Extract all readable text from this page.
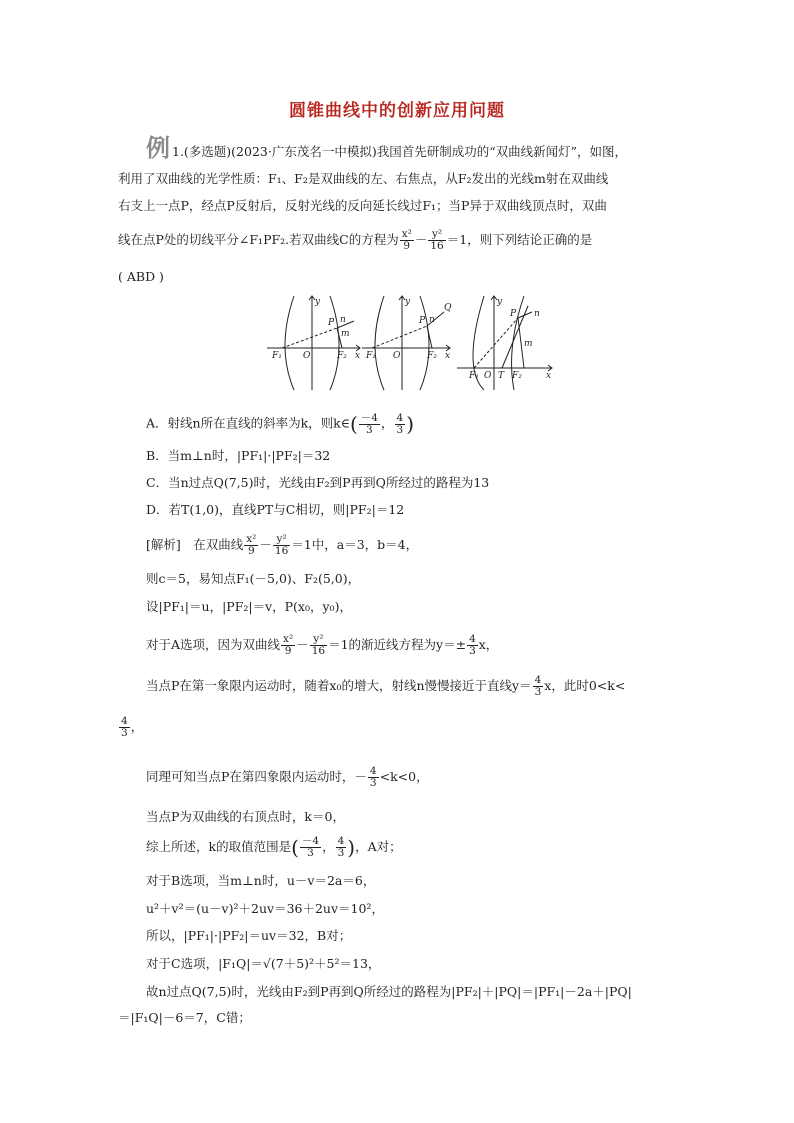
圆锥曲线中的创新应用问题
例 1.(多选题)(2023·广东茂名一中模拟)我国首先研制成功的“双曲线新闻灯”，如图，
利用了双曲线的光学性质：F₁、F₂是双曲线的左、右焦点，从F₂发出的光线m射在双曲线
右支上一点P，经点P反射后，反射光线的反向延长线过F₁；当P异于双曲线顶点时，双曲
线在点P处的切线平分∠F₁PF₂.若双曲线C的方程为 $\frac{\text{x²}}{9} - \frac{\text{y²}}{16} =1$，则下列结论正确的是
( ABD )
F₁ O	F₂ x
y
P n
m
F₁ O	F₂ x
y
P n
Q
F₁ O T F₂	x
y
P n
m
A．射线n所在直线的斜率为k，则k∈( $\frac{-4}{3}$ ， $\frac{4}{3}$ )
B．当m⊥n时，|PF₁|·|PF₂|＝32
C．当n过点Q(7,5)时，光线由F₂到P再到Q所经过的路程为13
D．若T(1,0)，直线PT与C相切，则|PF₂|＝12
[解析]　在双曲线 $\frac{\text{x²}}{9} - \frac{\text{y²}}{16} =1$中，a＝3，b＝4，
则c＝5，易知点F₁(－5,0)、F₂(5,0)，
设|PF₁|＝u，|PF₂|＝v，P(x₀，y₀)，
对于A选项，因为双曲线 $\frac{\text{x²}}{9} - \frac{\text{y²}}{16} =1$的渐近线方程为$y=\pm \frac{4}{3}$ x，
当点P在第一象限内运动时，随着x₀的增大，射线n慢慢接近于直线$y= \frac{4}{3}$ x，此时0<k<
$\frac{4}{3}$ ，
同理可知当点P在第四象限内运动时，－ $\frac{4}{3} <k<0$，
当点P为双曲线的右顶点时，k＝0，
综上所述，k的取值范围是( $\frac{-4}{3}$ ， $\frac{4}{3}$ )，A对；
对于B选项，当m⊥n时，u－v＝2a＝6，
u²＋v²＝(u－v)²＋2uv＝36＋2uv＝10²，
所以，|PF₁|·|PF₂|＝uv＝32，B对；
对于C选项，|F₁Q|＝√(7＋5)²＋5²＝13，
故n过点Q(7,5)时，光线由F₂到P再到Q所经过的路程为|PF₂|＋|PQ|＝|PF₁|－2a＋|PQ|
＝|F₁Q|－6＝7，C错；
